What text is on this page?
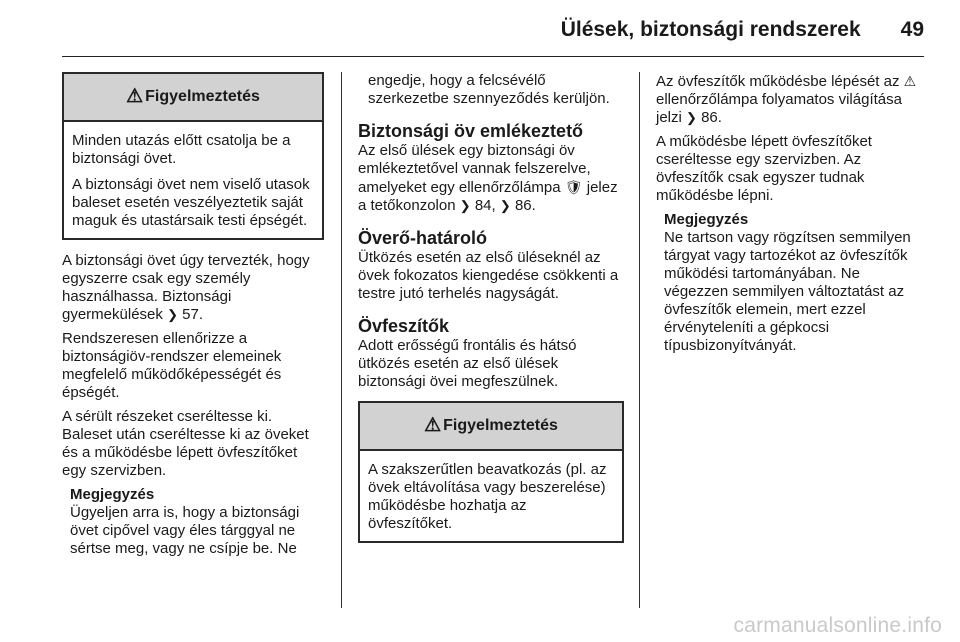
Ülések, biztonsági rendszerek 49
⚠ Figyelmeztetés

Minden utazás előtt csatolja be a biztonsági övet.

A biztonsági övet nem viselő utasok baleset esetén veszélyeztetik saját maguk és utastársaik testi épségét.

A biztonsági övet úgy tervezték, hogy egyszerre csak egy személy használhassa. Biztonsági gyermekülések ❯ 57.

Rendszeresen ellenőrizze a biztonságiöv-rendszer elemeinek megfelelő működőképességét és épségét.

A sérült részeket cseréltesse ki. Baleset után cseréltesse ki az öveket és a működésbe lépett övfeszítőket egy szervizben.

Megjegyzés
Ügyeljen arra is, hogy a biztonsági övet cipővel vagy éles tárggyal ne sértse meg, vagy ne csípje be. Ne
engedje, hogy a felcsévélő szerkezetbe szennyeződés kerüljön.
Biztonsági öv emlékeztető

Az első ülések egy biztonsági öv emlékeztetővel vannak felszerelve, amelyeket egy ellenőrzőlámpa 🛡 jelez a tetőkonzolon ❯ 84, ❯ 86.

Överő-határoló

Ütközés esetén az első üléseknél az övek fokozatos kiengedése csökkenti a testre jutó terhelés nagyságát.

Övfeszítők

Adott erősségű frontális és hátsó ütközés esetén az első ülések biztonsági övei megfeszülnek.

⚠ Figyelmeztetés

A szakszerűtlen beavatkozás (pl. az övek eltávolítása vagy beszerelése) működésbe hozhatja az övfeszítőket.

Az övfeszítők működésbe lépését az ⚠ ellenőrzőlámpa folyamatos világítása jelzi ❯ 86.

A működésbe lépett övfeszítőket cseréltesse egy szervizben. Az övfeszítők csak egyszer tudnak működésbe lépni.

Megjegyzés
Ne tartson vagy rögzítsen semmilyen tárgyat vagy tartozékot az övfeszítők működési tartományában. Ne végezzen semmilyen változtatást az övfeszítők elemein, mert ezzel érvényteleníti a gépkocsi típusbizonyítványát.
carmanualsonline.info
